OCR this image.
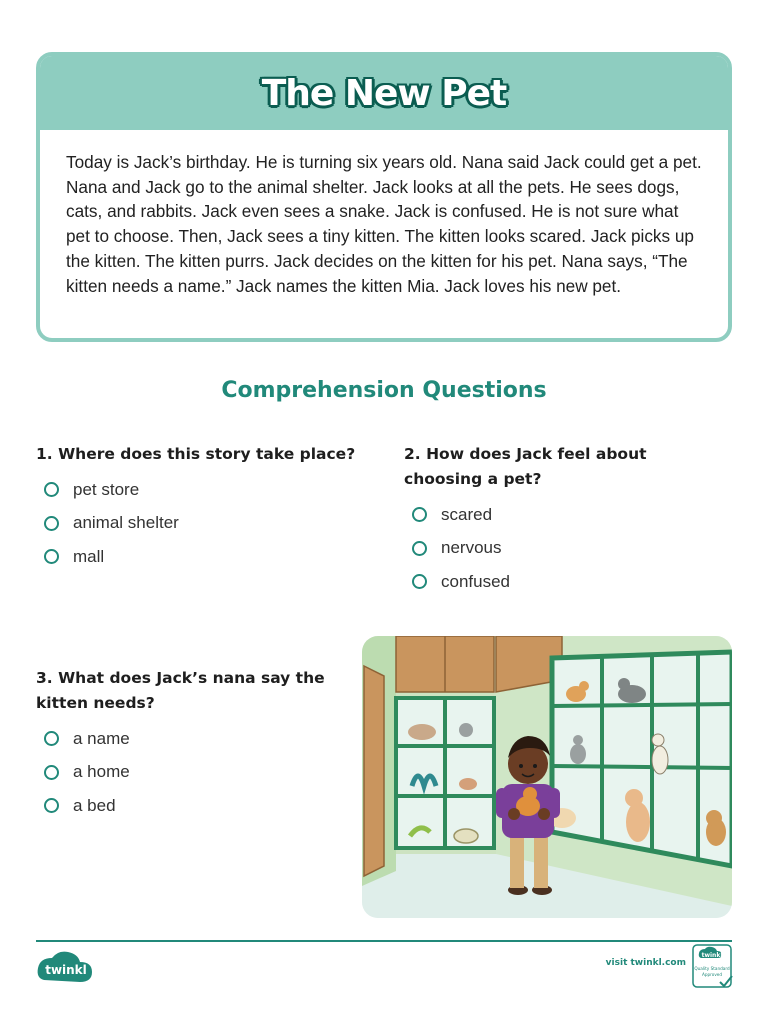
The New Pet

Today is Jack’s birthday. He is turning six years old. Nana said Jack could get a pet. Nana and Jack go to the animal shelter. Jack looks at all the pets. He sees dogs, cats, and rabbits. Jack even sees a snake. Jack is confused. He is not sure what pet to choose. Then, Jack sees a tiny kitten. The kitten looks scared. Jack picks up the kitten. The kitten purrs. Jack decides on the kitten for his pet. Nana says, “The kitten needs a name.” Jack names the kitten Mia. Jack loves his new pet.

Comprehension Questions

1. Where does this story take place?

pet store
animal shelter
mall

2. How does Jack feel about choosing a pet?

scared
nervous
confused

3. What does Jack’s nana say the kitten needs?

a name
a home
a bed
twinkl	visit twinkl.com
twinkl
Quality Standard
Approved
